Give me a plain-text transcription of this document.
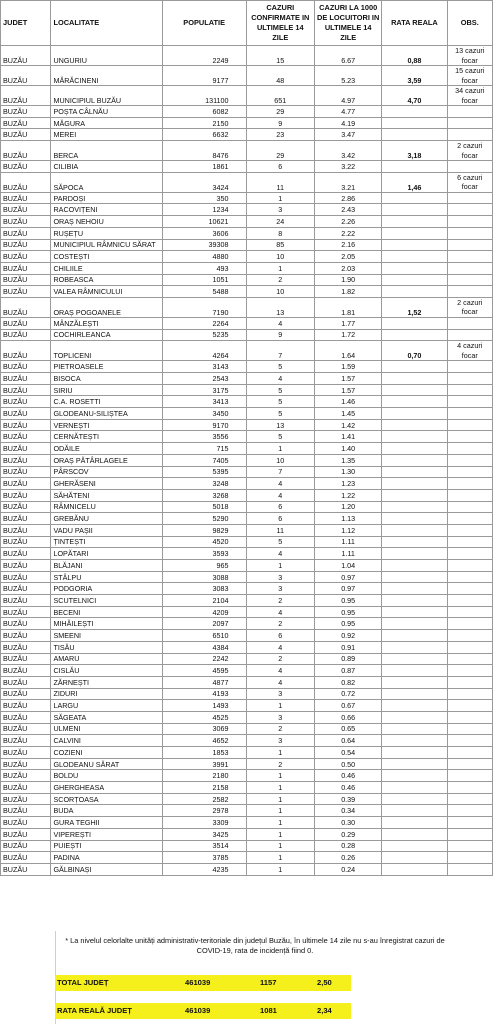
JUDET	LOCALITATE	POPULATIE	CAZURI CONFIRMATE IN ULTIMELE 14 ZILE	CAZURI LA 1000 DE LOCUITORI IN ULTIMELE 14 ZILE	RATA REALA	OBS.
BUZĂU	UNGURIU	2249	15	6.67	0,88	13 cazuri focar
BUZĂU	MĂRĂCINENI	9177	48	5.23	3,59	15 cazuri focar
BUZĂU	MUNICIPIUL BUZĂU	131100	651	4.97	4,70	34 cazuri focar
BUZĂU	POȘTA CÂLNĂU	6082	29	4.77		
BUZĂU	MĂGURA	2150	9	4.19		
BUZĂU	MEREI	6632	23	3.47		
BUZĂU	BERCA	8476	29	3.42	3,18	2 cazuri focar
BUZĂU	CILIBIA	1861	6	3.22		
BUZĂU	SĂPOCA	3424	11	3.21	1,46	6 cazuri focar
BUZĂU	PARDOȘI	350	1	2.86		
BUZĂU	RACOVIȚENI	1234	3	2.43		
BUZĂU	ORAȘ NEHOIU	10621	24	2.26		
BUZĂU	RUȘEȚU	3606	8	2.22		
BUZĂU	MUNICIPIUL RÂMNICU SĂRAT	39308	85	2.16		
BUZĂU	COSTEȘTI	4880	10	2.05		
BUZĂU	CHILIILE	493	1	2.03		
BUZĂU	ROBEASCA	1051	2	1.90		
BUZĂU	VALEA RÂMNICULUI	5488	10	1.82		
BUZĂU	ORAȘ POGOANELE	7190	13	1.81	1,52	2 cazuri focar
BUZĂU	MÂNZĂLEȘTI	2264	4	1.77		
BUZĂU	COCHIRLEANCA	5235	9	1.72		
BUZĂU	TOPLICENI	4264	7	1.64	0,70	4 cazuri focar
BUZĂU	PIETROASELE	3143	5	1.59		
BUZĂU	BISOCA	2543	4	1.57		
BUZĂU	SIRIU	3175	5	1.57		
BUZĂU	C.A. ROSETTI	3413	5	1.46		
BUZĂU	GLODEANU-SILIȘTEA	3450	5	1.45		
BUZĂU	VERNEȘTI	9170	13	1.42		
BUZĂU	CERNĂTEȘTI	3556	5	1.41		
BUZĂU	ODĂILE	715	1	1.40		
BUZĂU	ORAȘ PĂTÂRLAGELE	7405	10	1.35		
BUZĂU	PÂRSCOV	5395	7	1.30		
BUZĂU	GHERĂSENI	3248	4	1.23		
BUZĂU	SĂHĂTENI	3268	4	1.22		
BUZĂU	RÂMNICELU	5018	6	1.20		
BUZĂU	GREBĂNU	5290	6	1.13		
BUZĂU	VADU PAȘII	9829	11	1.12		
BUZĂU	ȚINTEȘTI	4520	5	1.11		
BUZĂU	LOPĂTARI	3593	4	1.11		
BUZĂU	BLĂJANI	965	1	1.04		
BUZĂU	STÂLPU	3088	3	0.97		
BUZĂU	PODGORIA	3083	3	0.97		
BUZĂU	SCUTELNICI	2104	2	0.95		
BUZĂU	BECENI	4209	4	0.95		
BUZĂU	MIHĂILEȘTI	2097	2	0.95		
BUZĂU	SMEENI	6510	6	0.92		
BUZĂU	TISĂU	4384	4	0.91		
BUZĂU	AMARU	2242	2	0.89		
BUZĂU	CISLĂU	4595	4	0.87		
BUZĂU	ZĂRNEȘTI	4877	4	0.82		
BUZĂU	ZIDURI	4193	3	0.72		
BUZĂU	LARGU	1493	1	0.67		
BUZĂU	SĂGEATA	4525	3	0.66		
BUZĂU	ULMENI	3069	2	0.65		
BUZĂU	CALVINI	4652	3	0.64		
BUZĂU	COZIENI	1853	1	0.54		
BUZĂU	GLODEANU SĂRAT	3991	2	0.50		
BUZĂU	BOLDU	2180	1	0.46		
BUZĂU	GHERGHEASA	2158	1	0.46		
BUZĂU	SCORȚOASA	2582	1	0.39		
BUZĂU	BUDA	2978	1	0.34		
BUZĂU	GURA TEGHII	3309	1	0.30		
BUZĂU	VIPEREȘTI	3425	1	0.29		
BUZĂU	PUIEȘTI	3514	1	0.28		
BUZĂU	PADINA	3785	1	0.26		
BUZĂU	GĂLBINAȘI	4235	1	0.24		
* La nivelul celorlalte unități administrativ-teritoriale din județul Buzău, în ultimele 14 zile nu s-au înregistrat cazuri de COVID-19, rata de incidență fiind 0.
TOTAL JUDEȚ	461039	1157	2,50
RATA REALĂ JUDEȚ	461039	1081	2,34
